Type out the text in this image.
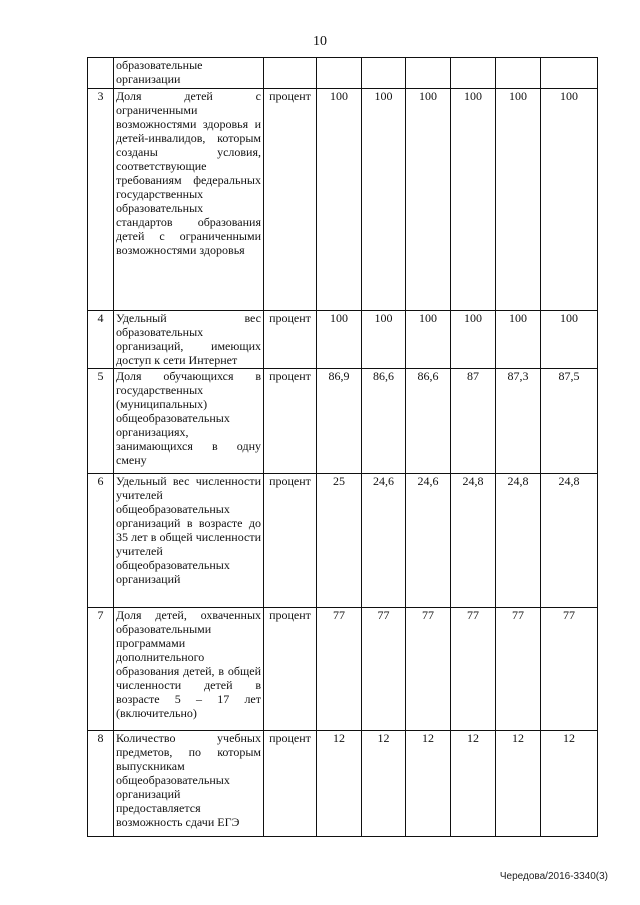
10
	образовательные организации							
3	Доля детей с ограниченными возможностями здоровья и детей-инвалидов, которым созданы условия, соответствующие требованиям федеральных государственных образовательных стандартов образования детей с ограниченными возможностями здоровья	процент	100	100	100	100	100	100
4	Удельный вес образовательных организаций, имеющих доступ к сети Интернет	процент	100	100	100	100	100	100
5	Доля обучающихся в государственных (муниципальных) общеобразовательных организациях, занимающихся в одну смену	процент	86,9	86,6	86,6	87	87,3	87,5
6	Удельный вес численности учителей общеобразовательных организаций в возрасте до 35 лет в общей численности учителей общеобразовательных организаций	процент	25	24,6	24,6	24,8	24,8	24,8
7	Доля детей, охваченных образовательными программами дополнительного образования детей, в общей численности детей в возрасте 5 – 17 лет (включительно)	процент	77	77	77	77	77	77
8	Количество учебных предметов, по которым выпускникам общеобразовательных организаций предоставляется возможность сдачи ЕГЭ	процент	12	12	12	12	12	12
Чередова/2016-3340(3)
